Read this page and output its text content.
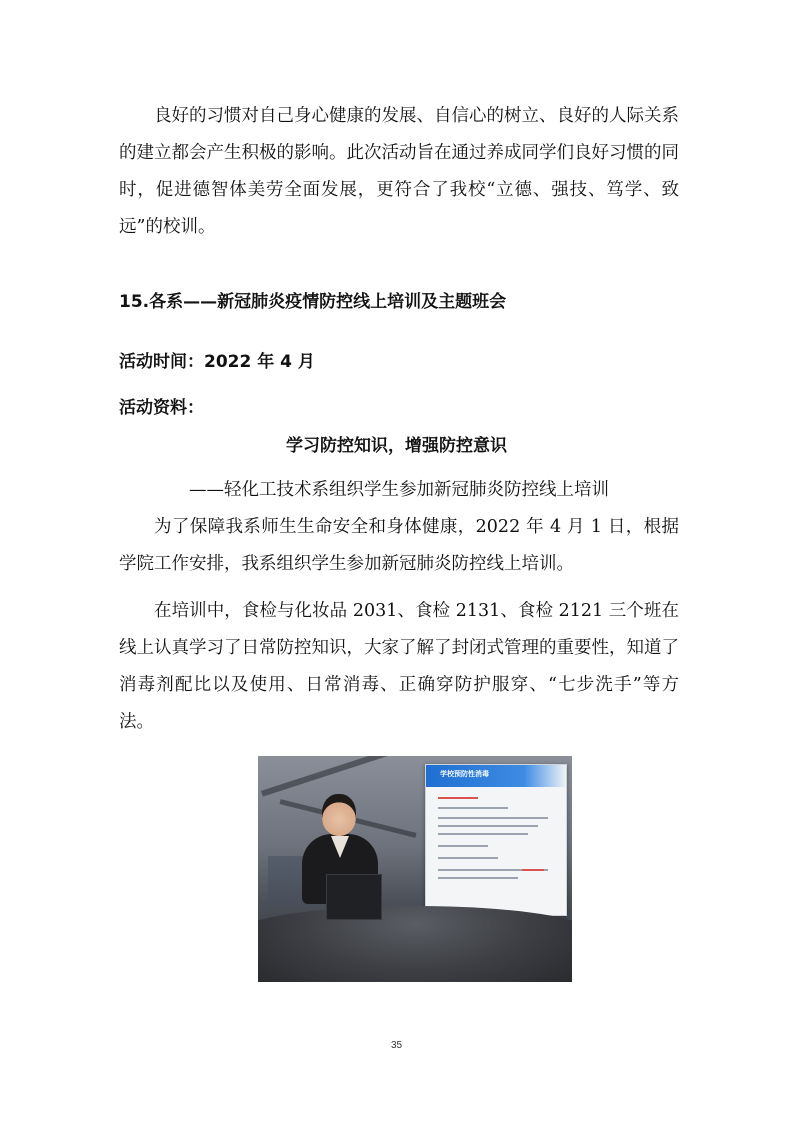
良好的习惯对自己身心健康的发展、自信心的树立、良好的人际关系的建立都会产生积极的影响。此次活动旨在通过养成同学们良好习惯的同时，促进德智体美劳全面发展，更符合了我校“立德、强技、笃学、致远”的校训。

15.各系——新冠肺炎疫情防控线上培训及主题班会
活动时间：2022 年 4 月
活动资料：
学习防控知识，增强防控意识
——轻化工技术系组织学生参加新冠肺炎防控线上培训

为了保障我系师生生命安全和身体健康，2022 年 4 月 1 日，根据学院工作安排，我系组织学生参加新冠肺炎防控线上培训。

在培训中，食检与化妆品 2031、食检 2131、食检 2121 三个班在线上认真学习了日常防控知识，大家了解了封闭式管理的重要性，知道了消毒剂配比以及使用、日常消毒、正确穿防护服穿、“七步洗手”等方法。

学校预防性消毒
35
